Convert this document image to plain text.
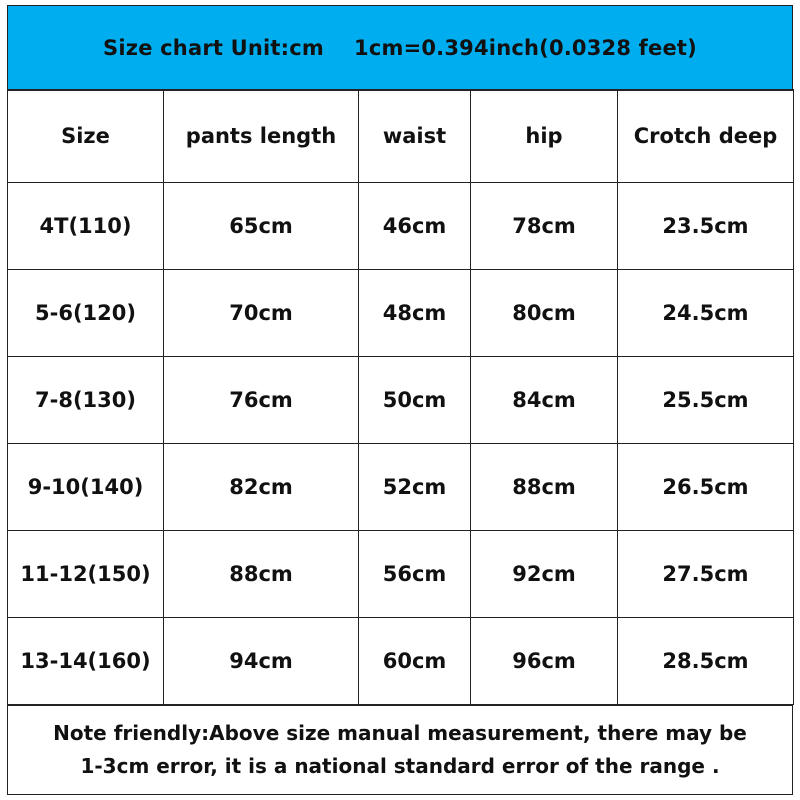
Size chart Unit:cm    1cm=0.394inch(0.0328 feet)
Size	pants length	waist	hip	Crotch deep
4T(110)	65cm	46cm	78cm	23.5cm
5-6(120)	70cm	48cm	80cm	24.5cm
7-8(130)	76cm	50cm	84cm	25.5cm
9-10(140)	82cm	52cm	88cm	26.5cm
11-12(150)	88cm	56cm	92cm	27.5cm
13-14(160)	94cm	60cm	96cm	28.5cm
Note friendly:Above size manual measurement, there may be
1-3cm error, it is a national standard error of the range .
